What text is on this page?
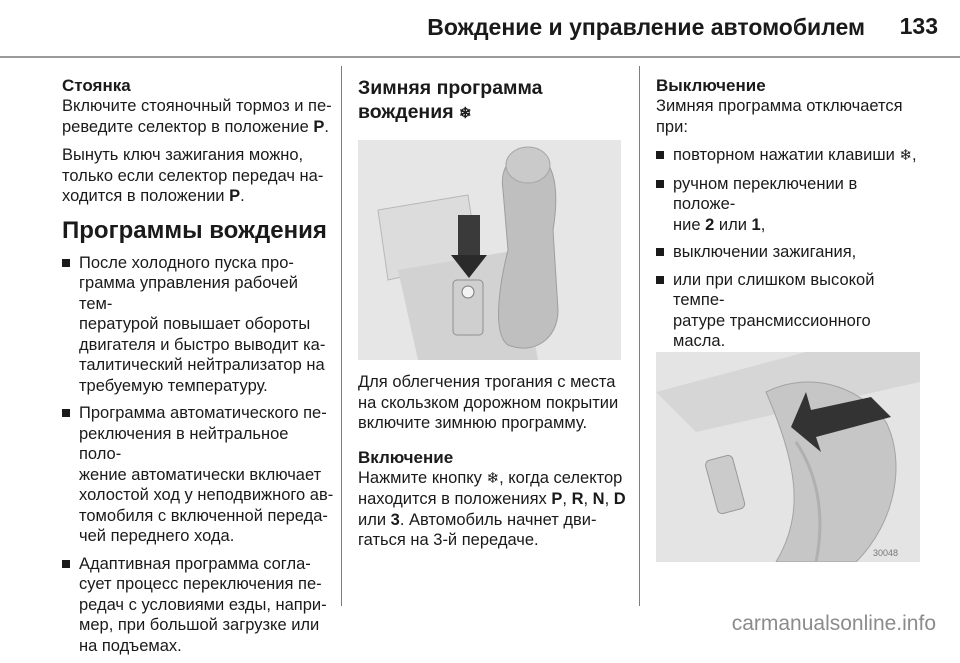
Вождение и управление автомобилем 133
Стоянка

Включите стояночный тормоз и пе-
реведите селектор в положение P.

Вынуть ключ зажигания можно,
только если селектор передач на-
ходится в положении P.

Программы вождения
После холодного пуска про-
грамма управления рабочей тем-
пературой повышает обороты
двигателя и быстро выводит ка-
талитический нейтрализатор на
требуемую температуру.
Программа автоматического пе-
реключения в нейтральное поло-
жение автоматически включает
холостой ход у неподвижного ав-
томобиля с включенной переда-
чей переднего хода.
Адаптивная программа согла-
сует процесс переключения пе-
редач с условиями езды, напри-
мер, при большой загрузке или
на подъемах.
Зимняя программа
вождения ❄

Для облегчения трогания с места
на скользком дорожном покрытии
включите зимнюю программу.

Включение

Нажмите кнопку ❄, когда селектор
находится в положениях P, R, N, D
или 3. Автомобиль начнет дви-
гаться на 3-й передаче.

Выключение

Зимняя программа отключается
при:

повторном нажатии клавиши ❄,
ручном переключении в положе-
ние 2 или 1,
выключении зажигания,
или при слишком высокой темпе-
ратуре трансмиссионного масла.

30048
carmanualsonline.info
